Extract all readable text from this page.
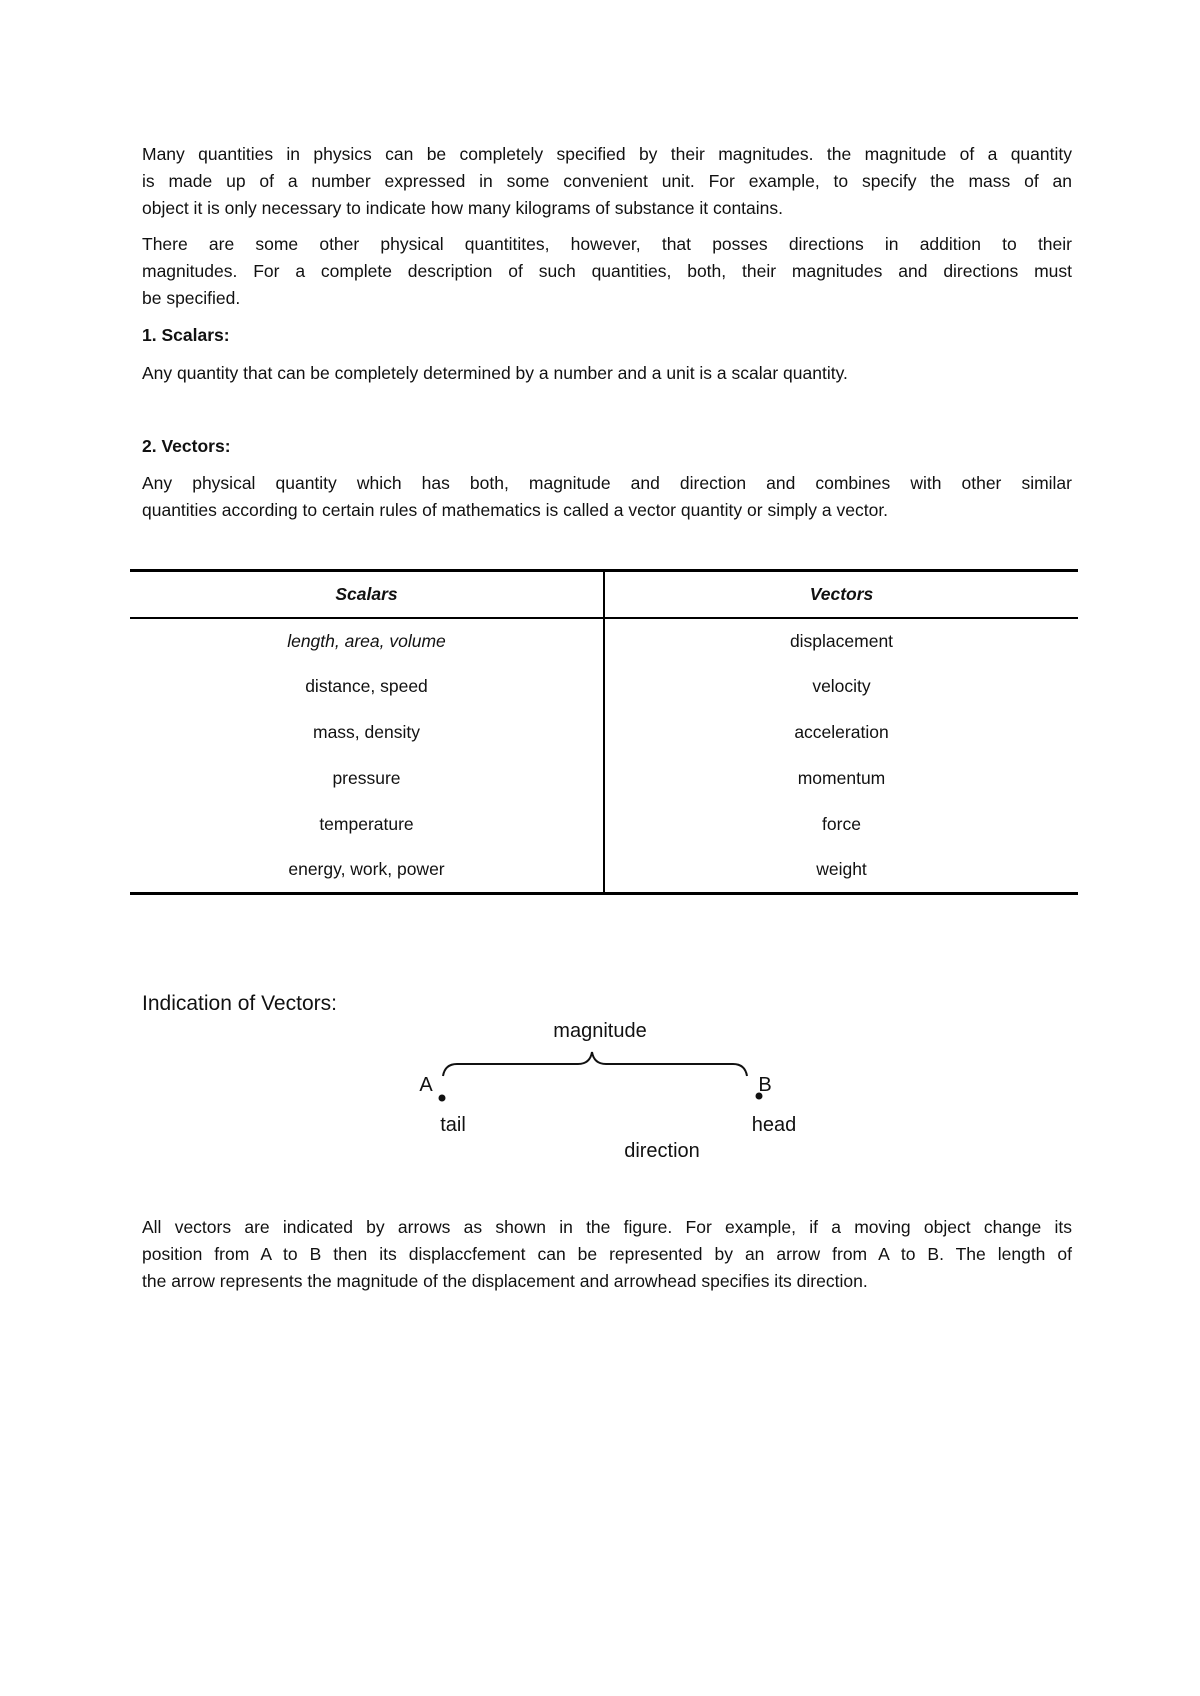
Many quantities in physics can be completely specified by their magnitudes. the magnitude of a quantity
is made up of a number expressed in some convenient unit. For example, to specify the mass of an
object it is only necessary to indicate how many kilograms of substance it contains.
There are some other physical quantitites, however, that posses directions in addition to their
magnitudes. For a complete description of such quantities, both, their magnitudes and directions must
be specified.
1. Scalars:
Any quantity that can be completely determined by a number and a unit is a scalar quantity.
2. Vectors:
Any physical quantity which has both, magnitude and direction and combines with other similar
quantities according to certain rules of mathematics is called a vector quantity or simply a vector.
Scalars	Vectors
length, area, volume	displacement
distance, speed	velocity
mass, density	acceleration
pressure	momentum
temperature	force
energy, work, power	weight
Indication of Vectors:
magnitude
A	B
tail	head
direction
All vectors are indicated by arrows as shown in the figure. For example, if a moving object change its
position from A to B then its displaccfement can be represented by an arrow from A to B. The length of
the arrow represents the magnitude of the displacement and arrowhead specifies its direction.
